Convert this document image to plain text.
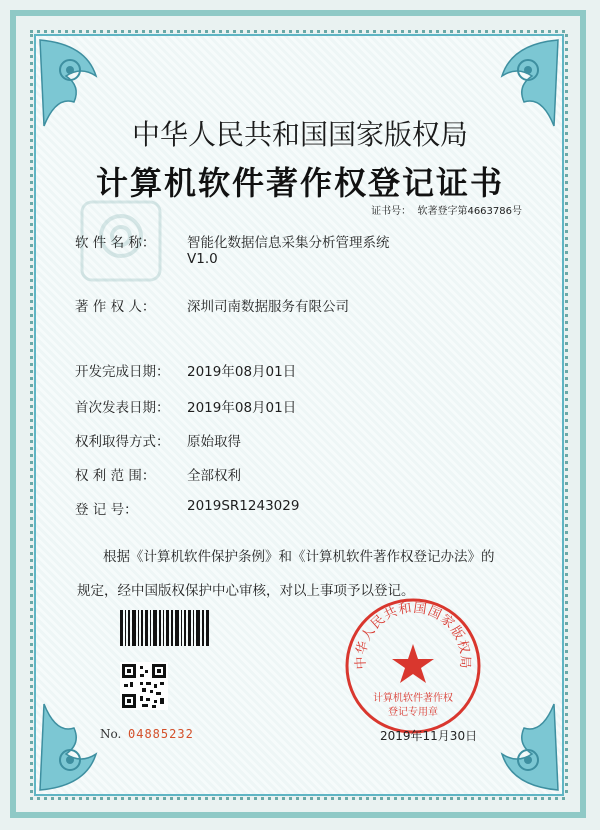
中华人民共和国国家版权局
计算机软件著作权登记证书
证书号： 软著登字第4663786号
软 件 名 称：	智能化数据信息采集分析管理系统
V1.0
著 作 权 人：	深圳司南数据服务有限公司
开发完成日期：	2019年08月01日
首次发表日期：	2019年08月01日
权利取得方式：	原始取得
权 利 范 围：	全部权利
登 记 号：	2019SR1243029
根据《计算机软件保护条例》和《计算机软件著作权登记办法》的
规定，经中国版权保护中心审核，对以上事项予以登记。
中华人民共和国国家版权局
计算机软件著作权
登记专用章
No. 04885232	2019年11月30日
